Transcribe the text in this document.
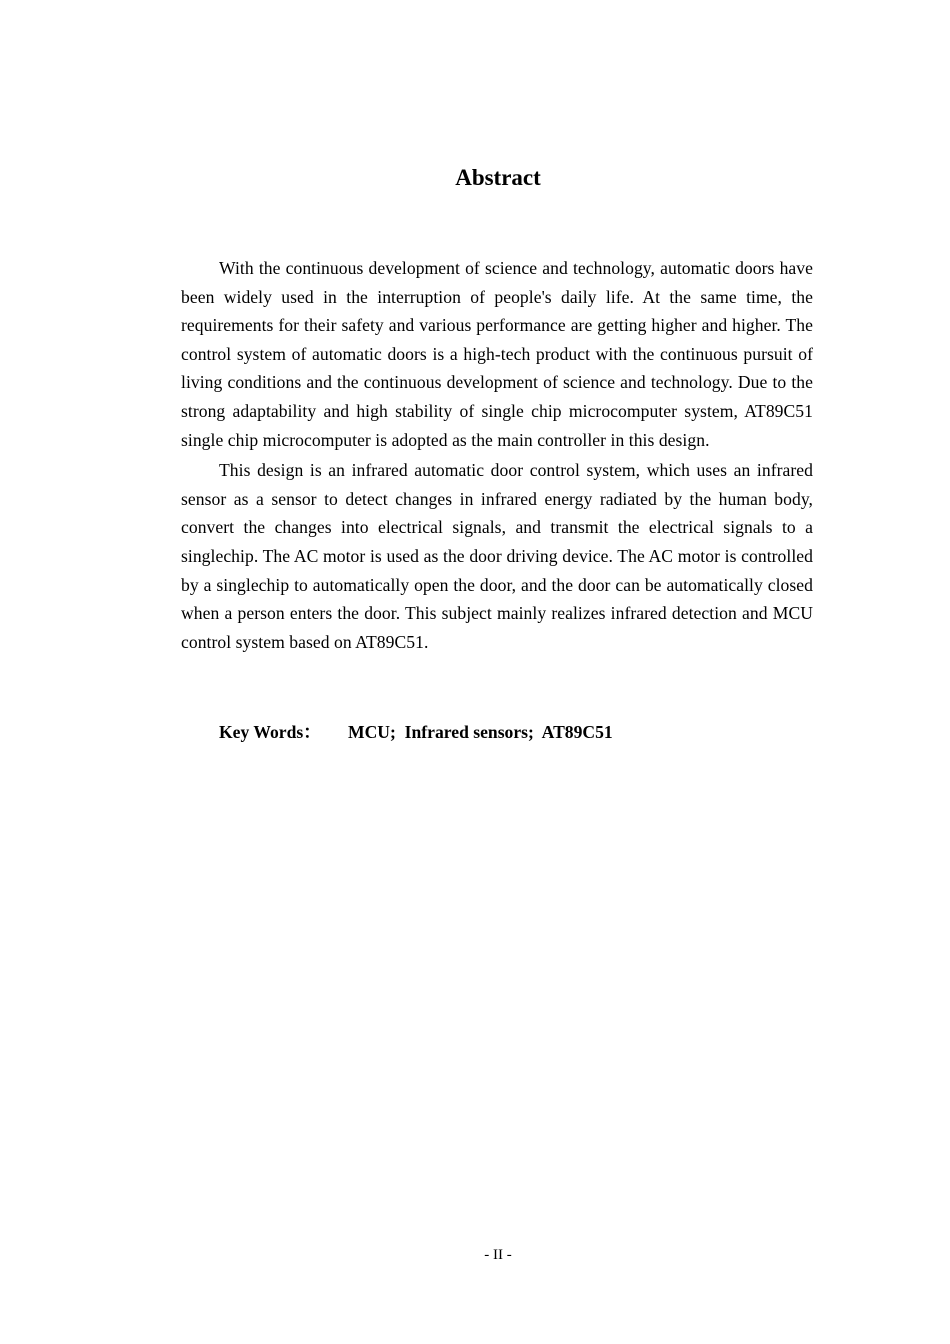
Abstract

With the continuous development of science and technology, automatic doors have been widely used in the interruption of people's daily life. At the same time, the requirements for their safety and various performance are getting higher and higher. The control system of automatic doors is a high-tech product with the continuous pursuit of living conditions and the continuous development of science and technology. Due to the strong adaptability and high stability of single chip microcomputer system, AT89C51 single chip microcomputer is adopted as the main controller in this design.

This design is an infrared automatic door control system, which uses an infrared sensor as a sensor to detect changes in infrared energy radiated by the human body, convert the changes into electrical signals, and transmit the electrical signals to a singlechip. The AC motor is used as the door driving device. The AC motor is controlled by a singlechip to automatically open the door, and the door can be automatically closed when a person enters the door. This subject mainly realizes infrared detection and MCU control system based on AT89C51.

Key Words： MCU;  Infrared sensors;  AT89C51
- II -
